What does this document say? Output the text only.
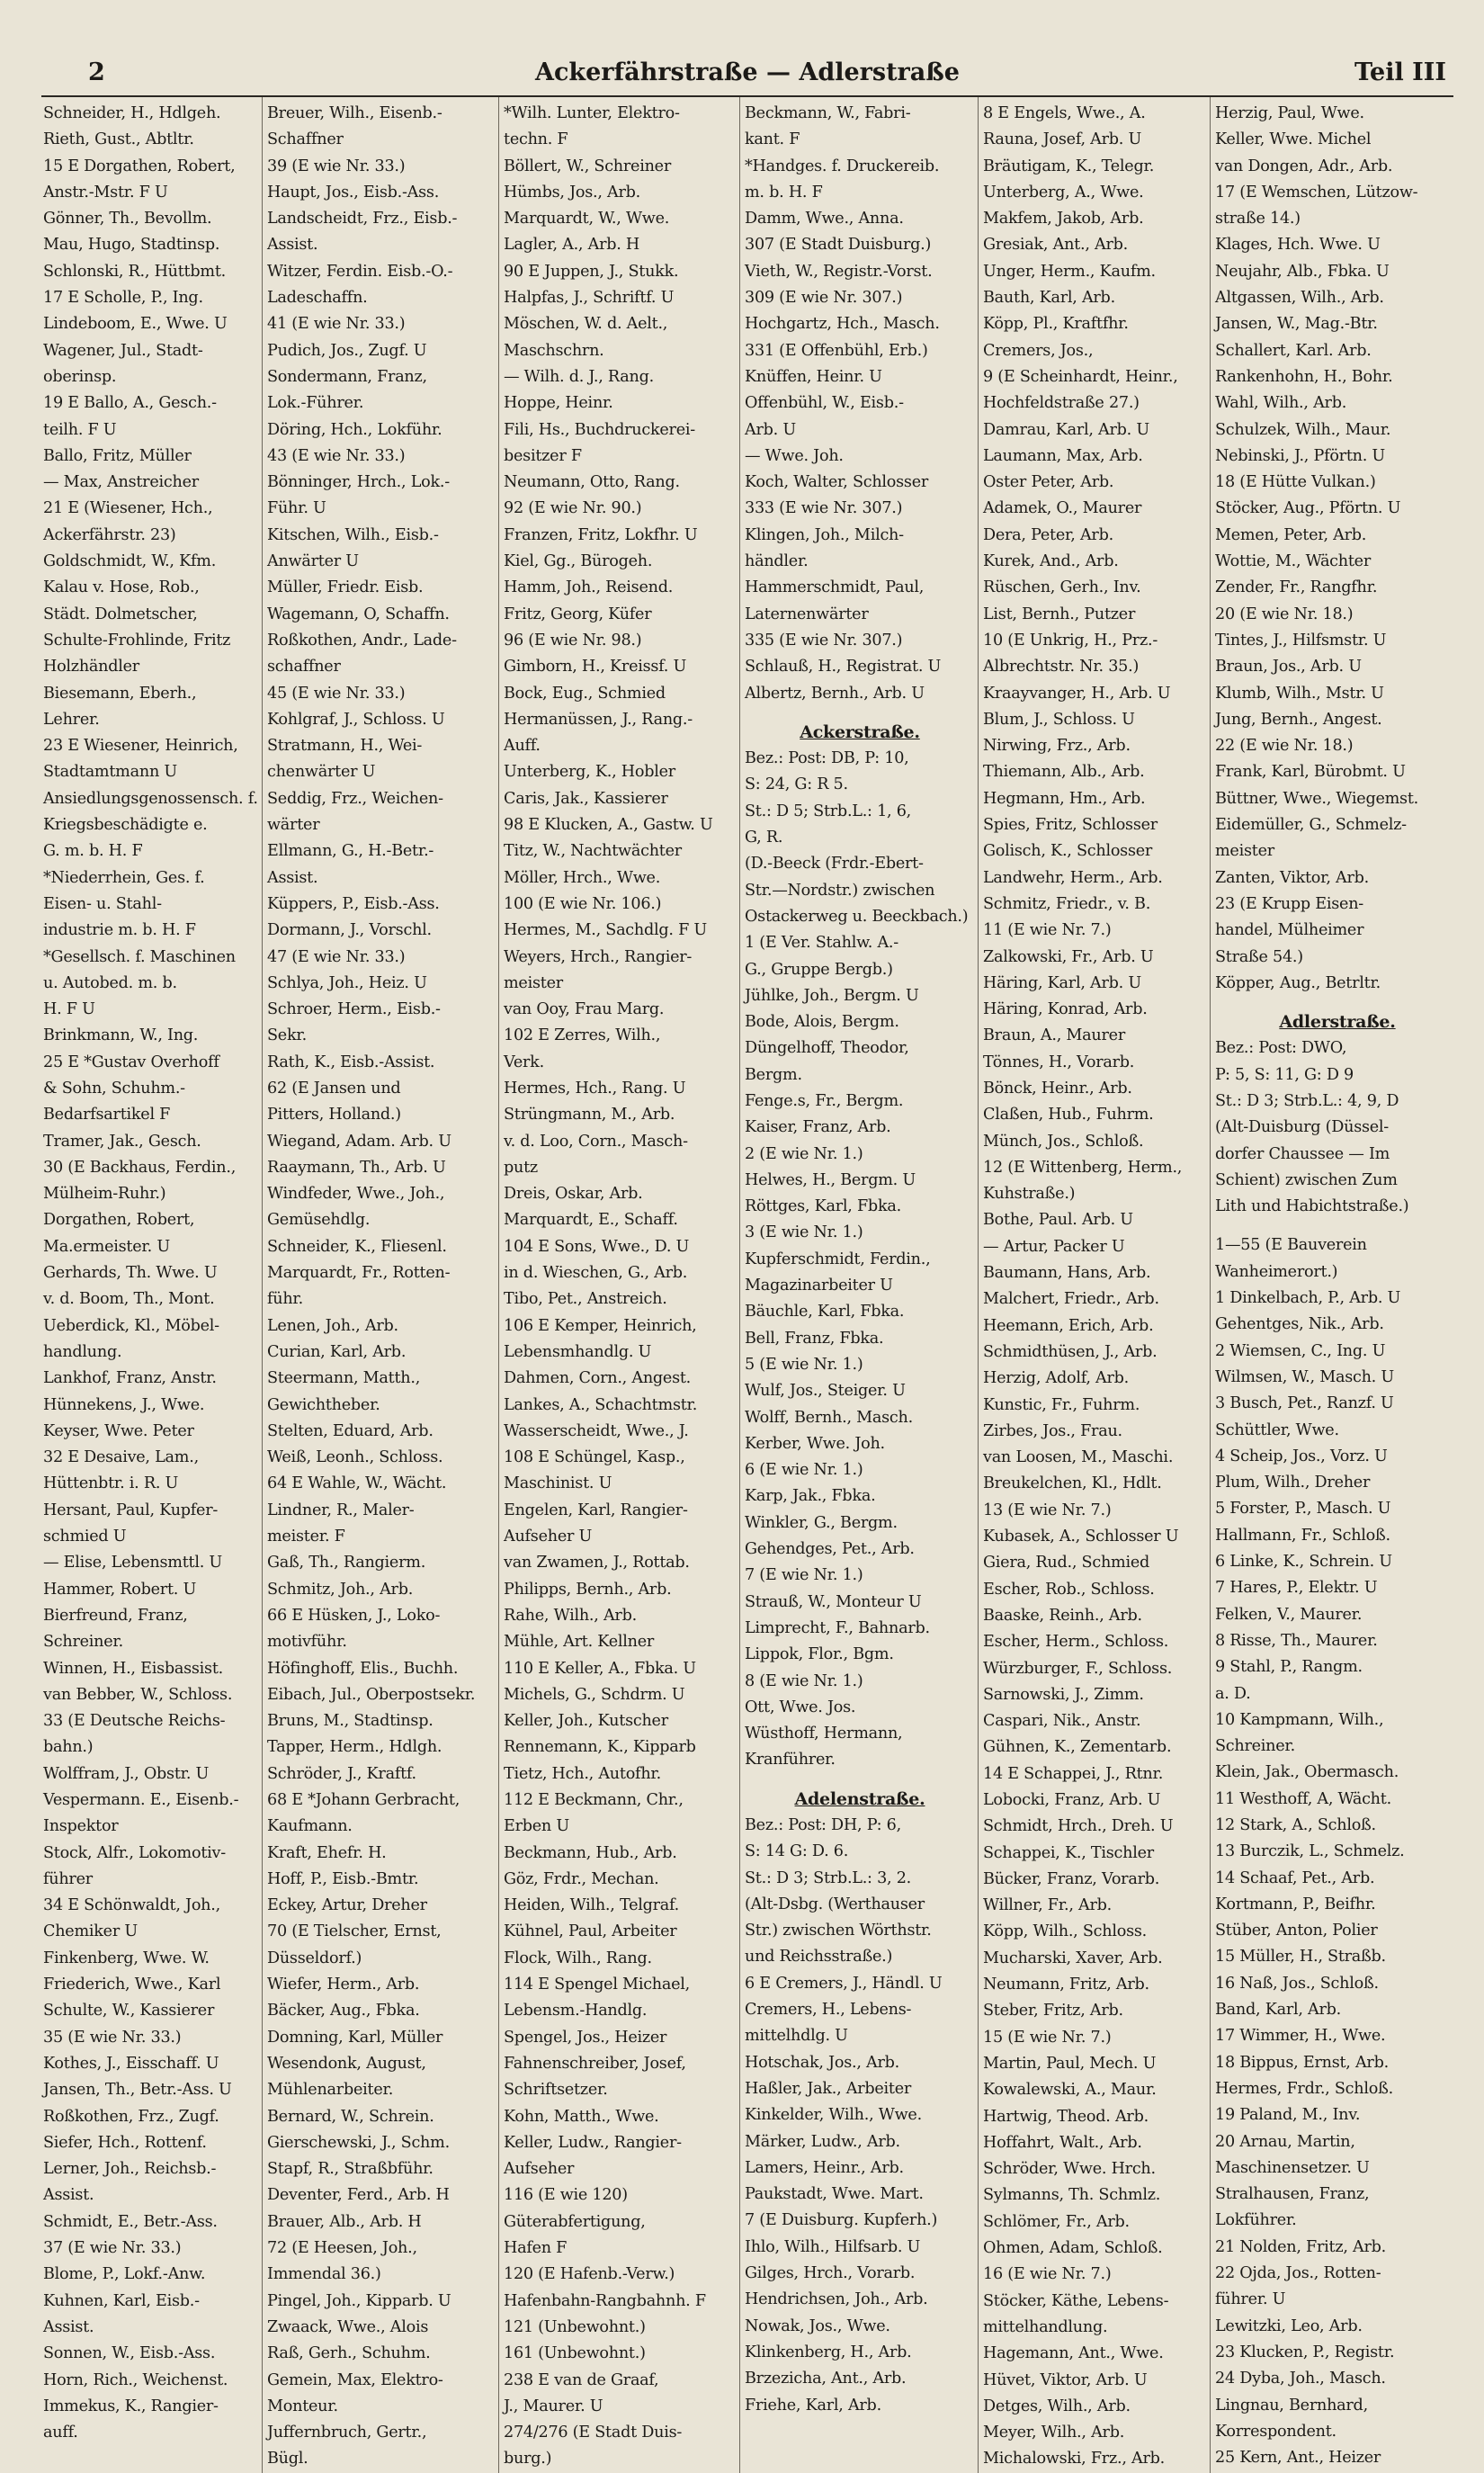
2	Ackerfährstraße — Adlerstraße	Teil III
Schneider, H., Hdlgeh.
Rieth, Gust., Abtltr.
15 E Dorgathen, Robert,
Anstr.-Mstr. F U
Gönner, Th., Bevollm.
Mau, Hugo, Stadtinsp.
Schlonski, R., Hüttbmt.
17 E Scholle, P., Ing.
Lindeboom, E., Wwe. U
Wagener, Jul., Stadt-
oberinsp.
19 E Ballo, A., Gesch.-
teilh. F U
Ballo, Fritz, Müller
— Max, Anstreicher
21 E (Wiesener, Hch.,
Ackerfährstr. 23)
Goldschmidt, W., Kfm.
Kalau v. Hose, Rob.,
Städt. Dolmetscher,
Schulte-Frohlinde, Fritz
Holzhändler
Biesemann, Eberh.,
Lehrer.
23 E Wiesener, Heinrich,
Stadtamtmann U
Ansiedlungsgenossensch. f.
Kriegsbeschädigte e.
G. m. b. H. F
*Niederrhein, Ges. f.
Eisen- u. Stahl-
industrie m. b. H. F
*Gesellsch. f. Maschinen
u. Autobed. m. b.
H. F U
Brinkmann, W., Ing.
25 E *Gustav Overhoff
& Sohn, Schuhm.-
Bedarfsartikel F
Tramer, Jak., Gesch.
30 (E Backhaus, Ferdin.,
Mülheim-Ruhr.)
Dorgathen, Robert,
Ma.ermeister. U
Gerhards, Th. Wwe. U
v. d. Boom, Th., Mont.
Ueberdick, Kl., Möbel-
handlung.
Lankhof, Franz, Anstr.
Hünnekens, J., Wwe.
Keyser, Wwe. Peter
32 E Desaive, Lam.,
Hüttenbtr. i. R. U
Hersant, Paul, Kupfer-
schmied U
— Elise, Lebensmttl. U
Hammer, Robert. U
Bierfreund, Franz,
Schreiner.
Winnen, H., Eisbassist.
van Bebber, W., Schloss.
33 (E Deutsche Reichs-
bahn.)
Wolffram, J., Obstr. U
Vespermann. E., Eisenb.-
Inspektor
Stock, Alfr., Lokomotiv-
führer
34 E Schönwaldt, Joh.,
Chemiker U
Finkenberg, Wwe. W.
Friederich, Wwe., Karl
Schulte, W., Kassierer
35 (E wie Nr. 33.)
Kothes, J., Eisschaff. U
Jansen, Th., Betr.-Ass. U
Roßkothen, Frz., Zugf.
Siefer, Hch., Rottenf.
Lerner, Joh., Reichsb.-
Assist.
Schmidt, E., Betr.-Ass.
37 (E wie Nr. 33.)
Blome, P., Lokf.-Anw.
Kuhnen, Karl, Eisb.-
Assist.
Sonnen, W., Eisb.-Ass.
Horn, Rich., Weichenst.
Immekus, K., Rangier-
auff.
Breuer, Wilh., Eisenb.-
Schaffner
39 (E wie Nr. 33.)
Haupt, Jos., Eisb.-Ass.
Landscheidt, Frz., Eisb.-
Assist.
Witzer, Ferdin. Eisb.-O.-
Ladeschaffn.
41 (E wie Nr. 33.)
Pudich, Jos., Zugf. U
Sondermann, Franz,
Lok.-Führer.
Döring, Hch., Lokführ.
43 (E wie Nr. 33.)
Bönninger, Hrch., Lok.-
Führ. U
Kitschen, Wilh., Eisb.-
Anwärter U
Müller, Friedr. Eisb.
Wagemann, O, Schaffn.
Roßkothen, Andr., Lade-
schaffner
45 (E wie Nr. 33.)
Kohlgraf, J., Schloss. U
Stratmann, H., Wei-
chenwärter U
Seddig, Frz., Weichen-
wärter
Ellmann, G., H.-Betr.-
Assist.
Küppers, P., Eisb.-Ass.
Dormann, J., Vorschl.
47 (E wie Nr. 33.)
Schlya, Joh., Heiz. U
Schroer, Herm., Eisb.-
Sekr.
Rath, K., Eisb.-Assist.
62 (E Jansen und
Pitters, Holland.)
Wiegand, Adam. Arb. U
Raaymann, Th., Arb. U
Windfeder, Wwe., Joh.,
Gemüsehdlg.
Schneider, K., Fliesenl.
Marquardt, Fr., Rotten-
führ.
Lenen, Joh., Arb.
Curian, Karl, Arb.
Steermann, Matth.,
Gewichtheber.
Stelten, Eduard, Arb.
Weiß, Leonh., Schloss.
64 E Wahle, W., Wächt.
Lindner, R., Maler-
meister. F
Gaß, Th., Rangierm.
Schmitz, Joh., Arb.
66 E Hüsken, J., Loko-
motivführ.
Höfinghoff, Elis., Buchh.
Eibach, Jul., Oberpostsekr.
Bruns, M., Stadtinsp.
Tapper, Herm., Hdlgh.
Schröder, J., Kraftf.
68 E *Johann Gerbracht,
Kaufmann.
Kraft, Ehefr. H.
Hoff, P., Eisb.-Bmtr.
Eckey, Artur, Dreher
70 (E Tielscher, Ernst,
Düsseldorf.)
Wiefer, Herm., Arb.
Bäcker, Aug., Fbka.
Domning, Karl, Müller
Wesendonk, August,
Mühlenarbeiter.
Bernard, W., Schrein.
Gierschewski, J., Schm.
Stapf, R., Straßbführ.
Deventer, Ferd., Arb. H
Brauer, Alb., Arb. H
72 (E Heesen, Joh.,
Immendal 36.)
Pingel, Joh., Kipparb. U
Zwaack, Wwe., Alois
Raß, Gerh., Schuhm.
Gemein, Max, Elektro-
Monteur.
Juffernbruch, Gertr.,
Bügl.
*Wilh. Lunter, Elektro-
techn. F
Böllert, W., Schreiner
Hümbs, Jos., Arb.
Marquardt, W., Wwe.
Lagler, A., Arb. H
90 E Juppen, J., Stukk.
Halpfas, J., Schriftf. U
Möschen, W. d. Aelt.,
Maschschrn.
— Wilh. d. J., Rang.
Hoppe, Heinr.
Fili, Hs., Buchdruckerei-
besitzer F
Neumann, Otto, Rang.
92 (E wie Nr. 90.)
Franzen, Fritz, Lokfhr. U
Kiel, Gg., Bürogeh.
Hamm, Joh., Reisend.
Fritz, Georg, Küfer
96 (E wie Nr. 98.)
Gimborn, H., Kreissf. U
Bock, Eug., Schmied
Hermanüssen, J., Rang.-
Auff.
Unterberg, K., Hobler
Caris, Jak., Kassierer
98 E Klucken, A., Gastw. U
Titz, W., Nachtwächter
Möller, Hrch., Wwe.
100 (E wie Nr. 106.)
Hermes, M., Sachdlg. F U
Weyers, Hrch., Rangier-
meister
van Ooy, Frau Marg.
102 E Zerres, Wilh.,
Verk.
Hermes, Hch., Rang. U
Strüngmann, M., Arb.
v. d. Loo, Corn., Masch-
putz
Dreis, Oskar, Arb.
Marquardt, E., Schaff.
104 E Sons, Wwe., D. U
in d. Wieschen, G., Arb.
Tibo, Pet., Anstreich.
106 E Kemper, Heinrich,
Lebensmhandlg. U
Dahmen, Corn., Angest.
Lankes, A., Schachtmstr.
Wasserscheidt, Wwe., J.
108 E Schüngel, Kasp.,
Maschinist. U
Engelen, Karl, Rangier-
Aufseher U
van Zwamen, J., Rottab.
Philipps, Bernh., Arb.
Rahe, Wilh., Arb.
Mühle, Art. Kellner
110 E Keller, A., Fbka. U
Michels, G., Schdrm. U
Keller, Joh., Kutscher
Rennemann, K., Kipparb
Tietz, Hch., Autofhr.
112 E Beckmann, Chr.,
Erben U
Beckmann, Hub., Arb.
Göz, Frdr., Mechan.
Heiden, Wilh., Telgraf.
Kühnel, Paul, Arbeiter
Flock, Wilh., Rang.
114 E Spengel Michael,
Lebensm.-Handlg.
Spengel, Jos., Heizer
Fahnenschreiber, Josef,
Schriftsetzer.
Kohn, Matth., Wwe.
Keller, Ludw., Rangier-
Aufseher
116 (E wie 120)
Güterabfertigung,
Hafen F
120 (E Hafenb.-Verw.)
Hafenbahn-Rangbahnh. F
121 (Unbewohnt.)
161 (Unbewohnt.)
238 E van de Graaf,
J., Maurer. U
274/276 (E Stadt Duis-
burg.)
Beckmann, W., Fabri-
kant. F
*Handges. f. Druckereib.
m. b. H. F
Damm, Wwe., Anna.
307 (E Stadt Duisburg.)
Vieth, W., Registr.-Vorst.
309 (E wie Nr. 307.)
Hochgartz, Hch., Masch.
331 (E Offenbühl, Erb.)
Knüffen, Heinr. U
Offenbühl, W., Eisb.-
Arb. U
— Wwe. Joh.
Koch, Walter, Schlosser
333 (E wie Nr. 307.)
Klingen, Joh., Milch-
händler.
Hammerschmidt, Paul,
Laternenwärter
335 (E wie Nr. 307.)
Schlauß, H., Registrat. U
Albertz, Bernh., Arb. U
Ackerstraße.
Bez.: Post: DB, P: 10,
S: 24, G: R 5.
St.: D 5; Strb.L.: 1, 6,
G, R.
(D.-Beeck (Frdr.-Ebert-
Str.—Nordstr.) zwischen
Ostackerweg u. Beeckbach.)
1 (E Ver. Stahlw. A.-
G., Gruppe Bergb.)
Jühlke, Joh., Bergm. U
Bode, Alois, Bergm.
Düngelhoff, Theodor,
Bergm.
Fenge.s, Fr., Bergm.
Kaiser, Franz, Arb.
2 (E wie Nr. 1.)
Helwes, H., Bergm. U
Röttges, Karl, Fbka.
3 (E wie Nr. 1.)
Kupferschmidt, Ferdin.,
Magazinarbeiter U
Bäuchle, Karl, Fbka.
Bell, Franz, Fbka.
5 (E wie Nr. 1.)
Wulf, Jos., Steiger. U
Wolff, Bernh., Masch.
Kerber, Wwe. Joh.
6 (E wie Nr. 1.)
Karp, Jak., Fbka.
Winkler, G., Bergm.
Gehendges, Pet., Arb.
7 (E wie Nr. 1.)
Strauß, W., Monteur U
Limprecht, F., Bahnarb.
Lippok, Flor., Bgm.
8 (E wie Nr. 1.)
Ott, Wwe. Jos.
Wüsthoff, Hermann,
Kranführer.
Adelenstraße.
Bez.: Post: DH, P: 6,
S: 14 G: D. 6.
St.: D 3; Strb.L.: 3, 2.
(Alt-Dsbg. (Werthauser
Str.) zwischen Wörthstr.
und Reichsstraße.)
6 E Cremers, J., Händl. U
Cremers, H., Lebens-
mittelhdlg. U
Hotschak, Jos., Arb.
Haßler, Jak., Arbeiter
Kinkelder, Wilh., Wwe.
Märker, Ludw., Arb.
Lamers, Heinr., Arb.
Paukstadt, Wwe. Mart.
7 (E Duisburg. Kupferh.)
Ihlo, Wilh., Hilfsarb. U
Gilges, Hrch., Vorarb.
Hendrichsen, Joh., Arb.
Nowak, Jos., Wwe.
Klinkenberg, H., Arb.
Brzezicha, Ant., Arb.
Friehe, Karl, Arb.
8 E Engels, Wwe., A.
Rauna, Josef, Arb. U
Bräutigam, K., Telegr.
Unterberg, A., Wwe.
Makfem, Jakob, Arb.
Gresiak, Ant., Arb.
Unger, Herm., Kaufm.
Bauth, Karl, Arb.
Köpp, Pl., Kraftfhr.
Cremers, Jos.,
9 (E Scheinhardt, Heinr.,
Hochfeldstraße 27.)
Damrau, Karl, Arb. U
Laumann, Max, Arb.
Oster Peter, Arb.
Adamek, O., Maurer
Dera, Peter, Arb.
Kurek, And., Arb.
Rüschen, Gerh., Inv.
List, Bernh., Putzer
10 (E Unkrig, H., Prz.-
Albrechtstr. Nr. 35.)
Kraayvanger, H., Arb. U
Blum, J., Schloss. U
Nirwing, Frz., Arb.
Thiemann, Alb., Arb.
Hegmann, Hm., Arb.
Spies, Fritz, Schlosser
Golisch, K., Schlosser
Landwehr, Herm., Arb.
Schmitz, Friedr., v. B.
11 (E wie Nr. 7.)
Zalkowski, Fr., Arb. U
Häring, Karl, Arb. U
Häring, Konrad, Arb.
Braun, A., Maurer
Tönnes, H., Vorarb.
Bönck, Heinr., Arb.
Claßen, Hub., Fuhrm.
Münch, Jos., Schloß.
12 (E Wittenberg, Herm.,
Kuhstraße.)
Bothe, Paul. Arb. U
— Artur, Packer U
Baumann, Hans, Arb.
Malchert, Friedr., Arb.
Heemann, Erich, Arb.
Schmidthüsen, J., Arb.
Herzig, Adolf, Arb.
Kunstic, Fr., Fuhrm.
Zirbes, Jos., Frau.
van Loosen, M., Maschi.
Breukelchen, Kl., Hdlt.
13 (E wie Nr. 7.)
Kubasek, A., Schlosser U
Giera, Rud., Schmied
Escher, Rob., Schloss.
Baaske, Reinh., Arb.
Escher, Herm., Schloss.
Würzburger, F., Schloss.
Sarnowski, J., Zimm.
Caspari, Nik., Anstr.
Gühnen, K., Zementarb.
14 E Schappei, J., Rtnr.
Lobocki, Franz, Arb. U
Schmidt, Hrch., Dreh. U
Schappei, K., Tischler
Bücker, Franz, Vorarb.
Willner, Fr., Arb.
Köpp, Wilh., Schloss.
Mucharski, Xaver, Arb.
Neumann, Fritz, Arb.
Steber, Fritz, Arb.
15 (E wie Nr. 7.)
Martin, Paul, Mech. U
Kowalewski, A., Maur.
Hartwig, Theod. Arb.
Hoffahrt, Walt., Arb.
Schröder, Wwe. Hrch.
Sylmanns, Th. Schmlz.
Schlömer, Fr., Arb.
Ohmen, Adam, Schloß.
16 (E wie Nr. 7.)
Stöcker, Käthe, Lebens-
mittelhandlung.
Hagemann, Ant., Wwe.
Hüvet, Viktor, Arb. U
Detges, Wilh., Arb.
Meyer, Wilh., Arb.
Michalowski, Frz., Arb.
Herzig, Paul, Wwe.
Keller, Wwe. Michel
van Dongen, Adr., Arb.
17 (E Wemschen, Lützow-
straße 14.)
Klages, Hch. Wwe. U
Neujahr, Alb., Fbka. U
Altgassen, Wilh., Arb.
Jansen, W., Mag.-Btr.
Schallert, Karl. Arb.
Rankenhohn, H., Bohr.
Wahl, Wilh., Arb.
Schulzek, Wilh., Maur.
Nebinski, J., Pförtn. U
18 (E Hütte Vulkan.)
Stöcker, Aug., Pförtn. U
Memen, Peter, Arb.
Wottie, M., Wächter
Zender, Fr., Rangfhr.
20 (E wie Nr. 18.)
Tintes, J., Hilfsmstr. U
Braun, Jos., Arb. U
Klumb, Wilh., Mstr. U
Jung, Bernh., Angest.
22 (E wie Nr. 18.)
Frank, Karl, Bürobmt. U
Büttner, Wwe., Wiegemst.
Eidemüller, G., Schmelz-
meister
Zanten, Viktor, Arb.
23 (E Krupp Eisen-
handel, Mülheimer
Straße 54.)
Köpper, Aug., Betrltr.
Adlerstraße.
Bez.: Post: DWO,
P: 5, S: 11, G: D 9
St.: D 3; Strb.L.: 4, 9, D
(Alt-Duisburg (Düssel-
dorfer Chaussee — Im
Schient) zwischen Zum
Lith und Habichtstraße.)
1—55 (E Bauverein
Wanheimerort.)
1 Dinkelbach, P., Arb. U
Gehentges, Nik., Arb.
2 Wiemsen, C., Ing. U
Wilmsen, W., Masch. U
3 Busch, Pet., Ranzf. U
Schüttler, Wwe.
4 Scheip, Jos., Vorz. U
Plum, Wilh., Dreher
5 Forster, P., Masch. U
Hallmann, Fr., Schloß.
6 Linke, K., Schrein. U
7 Hares, P., Elektr. U
Felken, V., Maurer.
8 Risse, Th., Maurer.
9 Stahl, P., Rangm.
a. D.
10 Kampmann, Wilh.,
Schreiner.
Klein, Jak., Obermasch.
11 Westhoff, A, Wächt.
12 Stark, A., Schloß.
13 Burczik, L., Schmelz.
14 Schaaf, Pet., Arb.
Kortmann, P., Beifhr.
Stüber, Anton, Polier
15 Müller, H., Straßb.
16 Naß, Jos., Schloß.
Band, Karl, Arb.
17 Wimmer, H., Wwe.
18 Bippus, Ernst, Arb.
Hermes, Frdr., Schloß.
19 Paland, M., Inv.
20 Arnau, Martin,
Maschinensetzer. U
Stralhausen, Franz,
Lokführer.
21 Nolden, Fritz, Arb.
22 Ojda, Jos., Rotten-
führer. U
Lewitzki, Leo, Arb.
23 Klucken, P., Registr.
24 Dyba, Joh., Masch.
Lingnau, Bernhard,
Korrespondent.
25 Kern, Ant., Heizer
